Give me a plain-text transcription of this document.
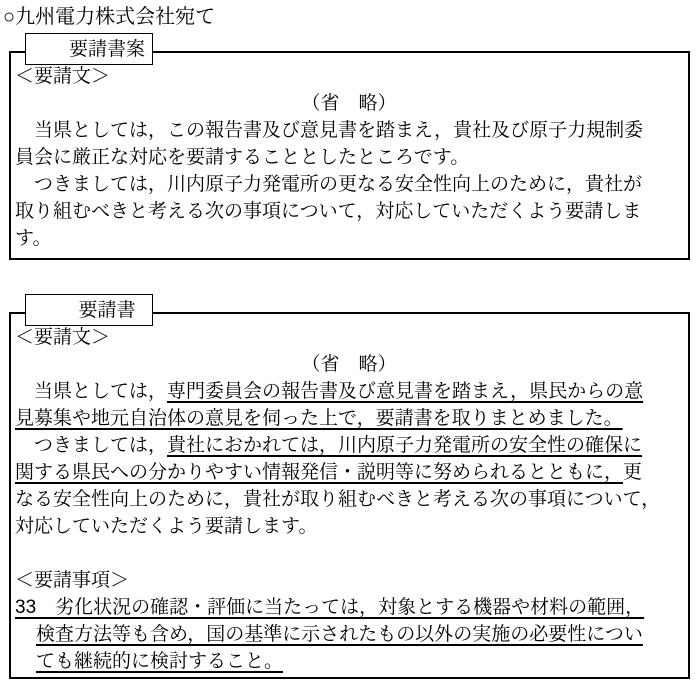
○九州電力株式会社宛て
要請書案
＜要請文＞
（省　略）
　当県としては，この報告書及び意見書を踏まえ，貴社及び原子力規制委
員会に厳正な対応を要請することとしたところです。
　つきましては，川内原子力発電所の更なる安全性向上のために，貴社が
取り組むべきと考える次の事項について，対応していただくよう要請しま
す。
要請書
＜要請文＞
（省　略）
　当県としては，専門委員会の報告書及び意見書を踏まえ，県民からの意
見募集や地元自治体の意見を伺った上で，要請書を取りまとめました。
　つきましては，貴社におかれては，川内原子力発電所の安全性の確保に
関する県民への分かりやすい情報発信・説明等に努められるとともに，更
なる安全性向上のために，貴社が取り組むべきと考える次の事項について，
対応していただくよう要請します。
＜要請事項＞
33　劣化状況の確認・評価に当たっては，対象とする機器や材料の範囲，
検査方法等も含め，国の基準に示されたもの以外の実施の必要性につい
ても継続的に検討すること。
